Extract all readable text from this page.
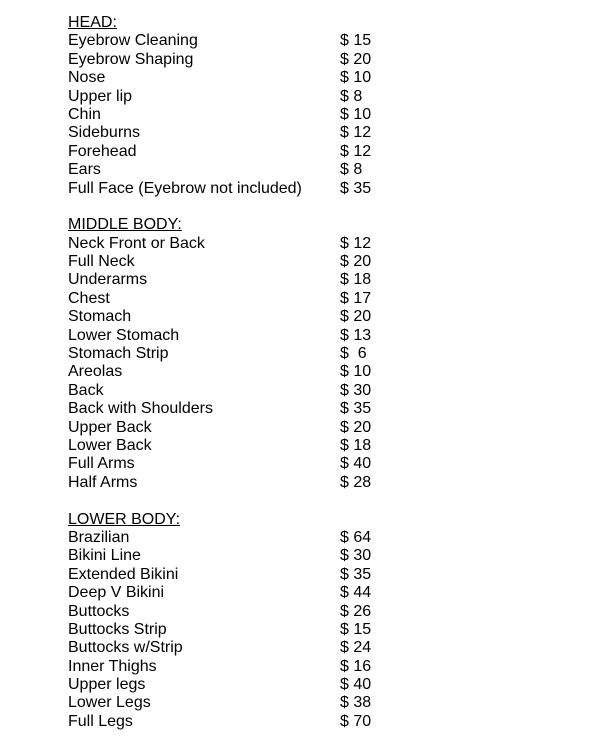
HEAD:
Eyebrow Cleaning	$ 15
Eyebrow Shaping	$ 20
Nose	$ 10
Upper lip	$ 8
Chin	$ 10
Sideburns	$ 12
Forehead	$ 12
Ears	$ 8
Full Face (Eyebrow not included) $ 35
MIDDLE BODY:
Neck Front or Back	$ 12
Full Neck	$ 20
Underarms	$ 18
Chest	$ 17
Stomach	$ 20
Lower Stomach	$ 13
Stomach Strip	$  6
Areolas	$ 10
Back	$ 30
Back with Shoulders	$ 35
Upper Back	$ 20
Lower Back	$ 18
Full Arms	$ 40
Half Arms	$ 28
LOWER BODY:
Brazilian	$ 64
Bikini Line	$ 30
Extended Bikini	$ 35
Deep V Bikini	$ 44
Buttocks	$ 26
Buttocks Strip	$ 15
Buttocks w/Strip	$ 24
Inner Thighs	$ 16
Upper legs	$ 40
Lower Legs	$ 38
Full Legs	$ 70
